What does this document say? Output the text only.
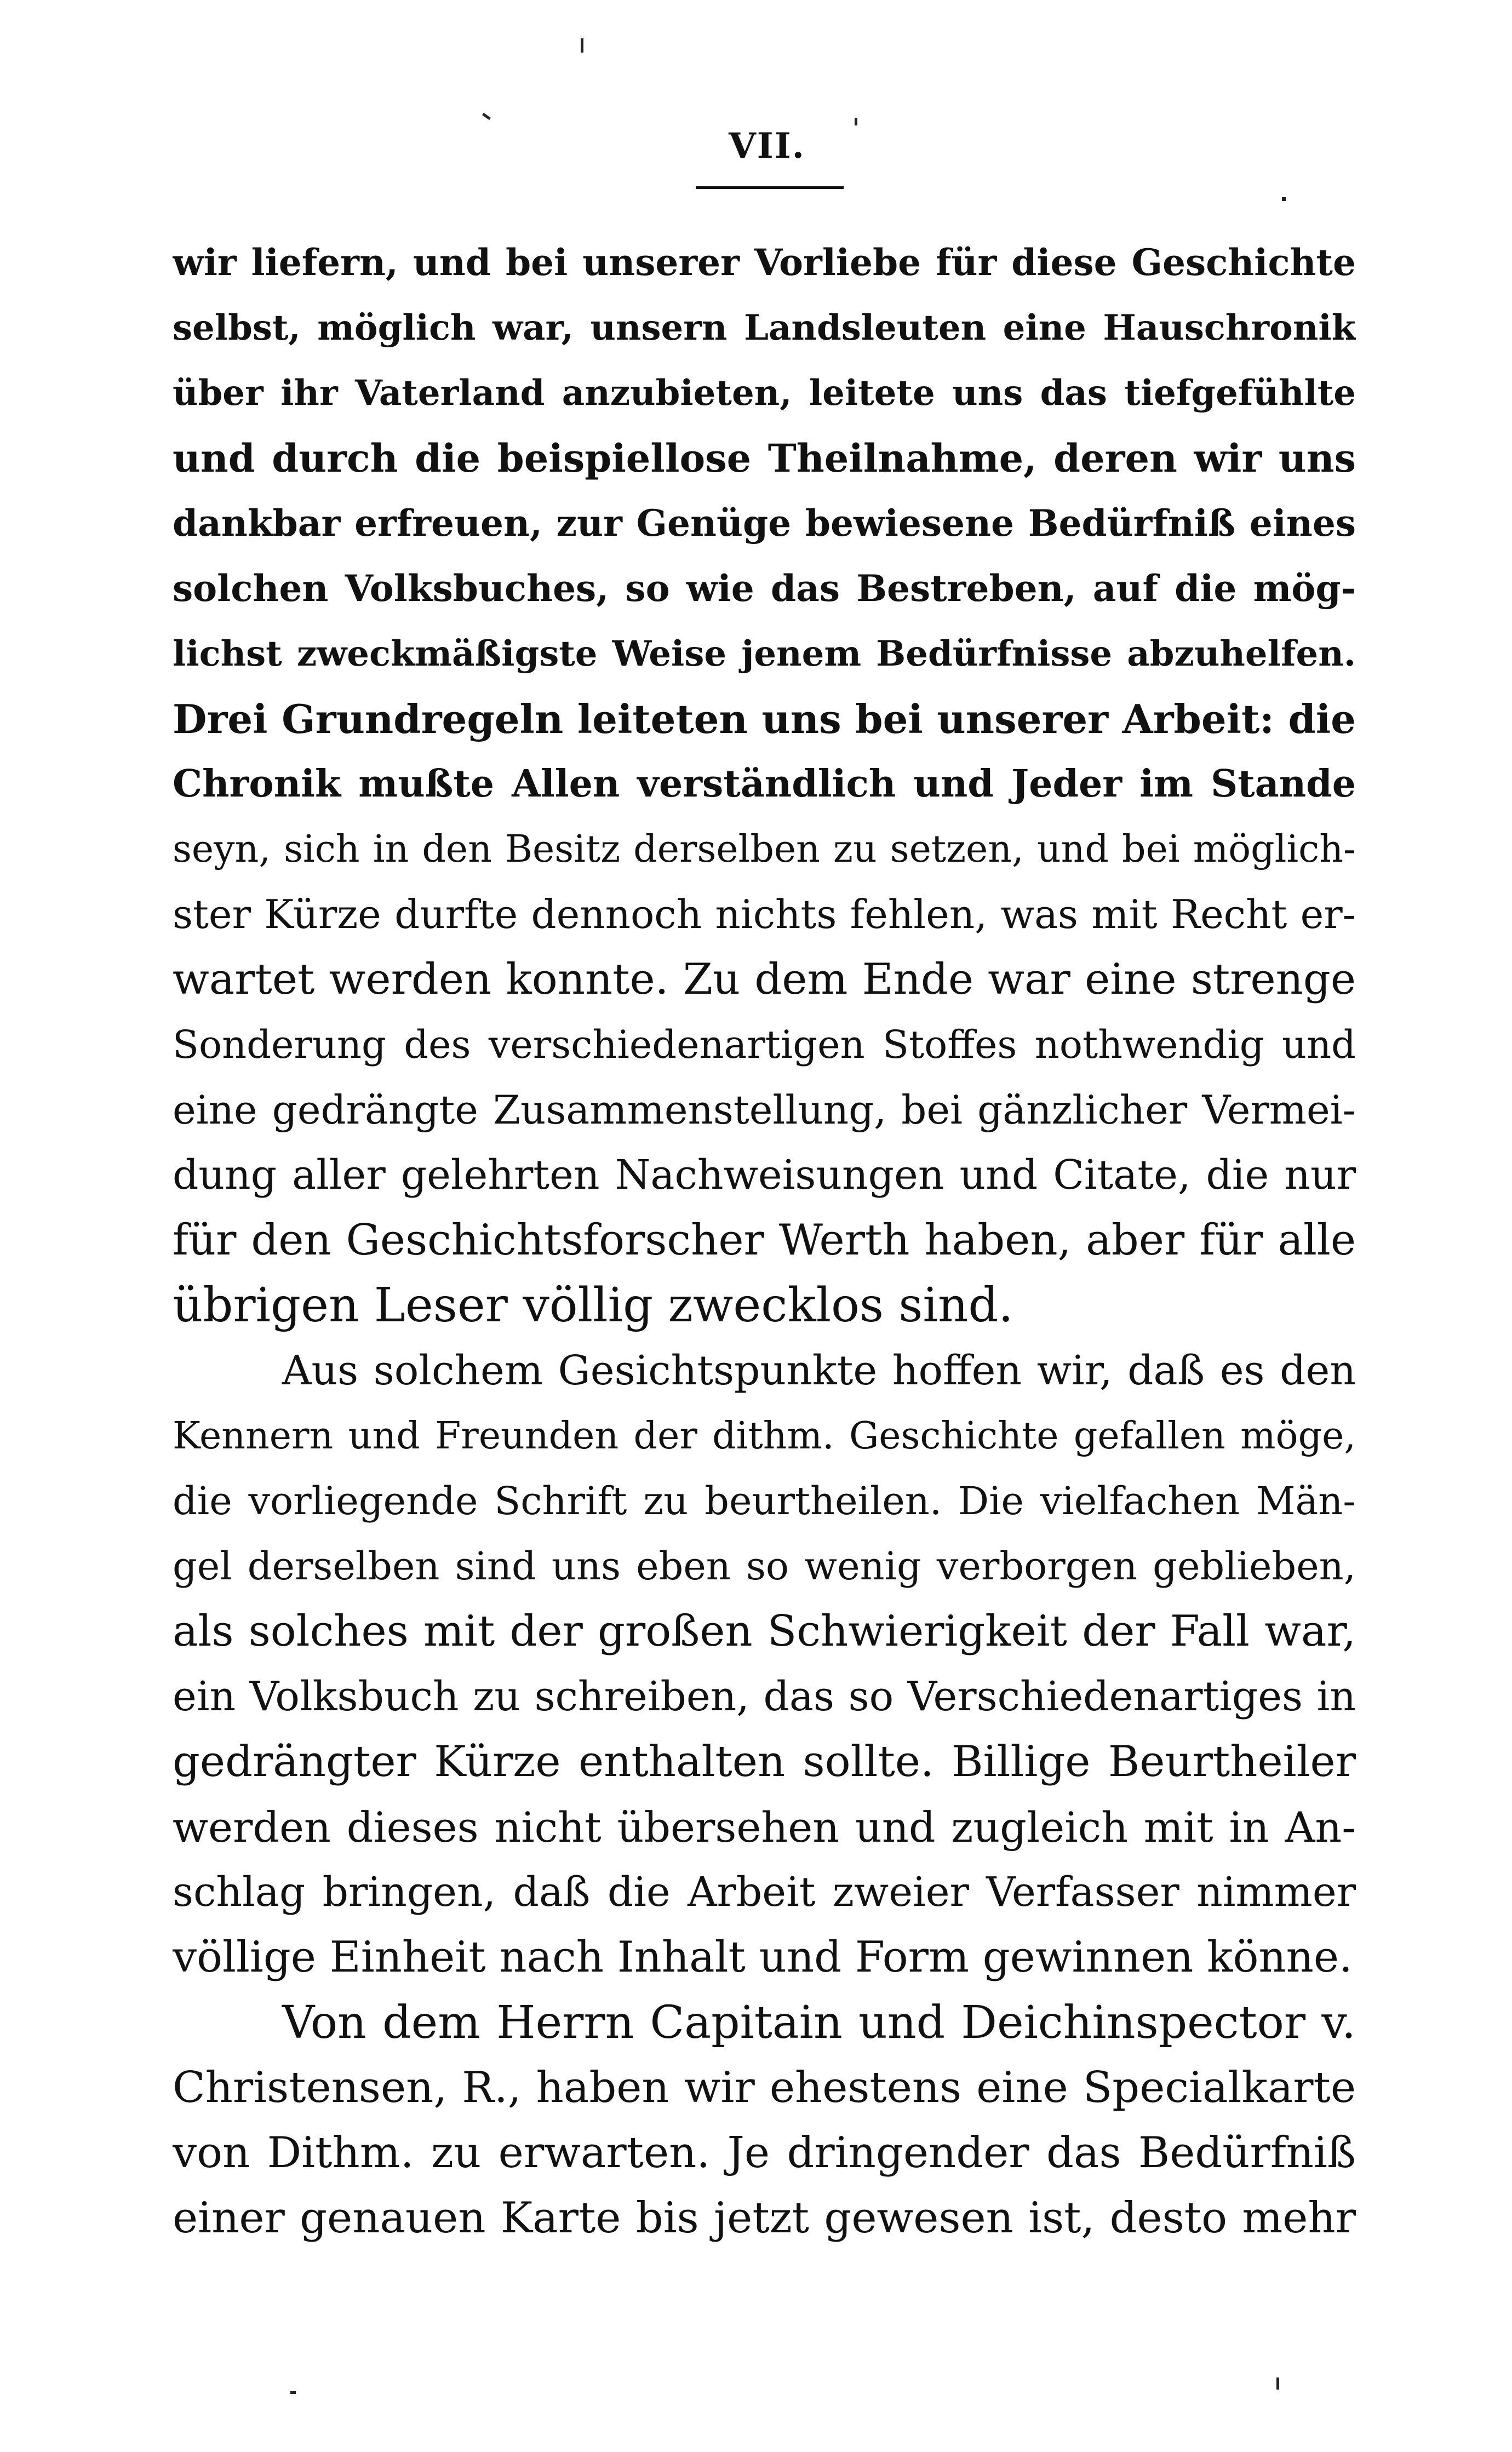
VII.
wir liefern, und bei unserer Vorliebe für diese Geschichte
selbst, möglich war, unsern Landsleuten eine Hauschronik
über ihr Vaterland anzubieten, leitete uns das tiefgefühlte
und durch die beispiellose Theilnahme, deren wir uns
dankbar erfreuen, zur Genüge bewiesene Bedürfniß eines
solchen Volksbuches, so wie das Bestreben, auf die mög-
lichst zweckmäßigste Weise jenem Bedürfnisse abzuhelfen.
Drei Grundregeln leiteten uns bei unserer Arbeit: die
Chronik mußte Allen verständlich und Jeder im Stande
seyn, sich in den Besitz derselben zu setzen, und bei möglich-
ster Kürze durfte dennoch nichts fehlen, was mit Recht er-
wartet werden konnte. Zu dem Ende war eine strenge
Sonderung des verschiedenartigen Stoffes nothwendig und
eine gedrängte Zusammenstellung, bei gänzlicher Vermei-
dung aller gelehrten Nachweisungen und Citate, die nur
für den Geschichtsforscher Werth haben, aber für alle
übrigen Leser völlig zwecklos sind.
Aus solchem Gesichtspunkte hoffen wir, daß es den
Kennern und Freunden der dithm. Geschichte gefallen möge,
die vorliegende Schrift zu beurtheilen. Die vielfachen Män-
gel derselben sind uns eben so wenig verborgen geblieben,
als solches mit der großen Schwierigkeit der Fall war,
ein Volksbuch zu schreiben, das so Verschiedenartiges in
gedrängter Kürze enthalten sollte. Billige Beurtheiler
werden dieses nicht übersehen und zugleich mit in An-
schlag bringen, daß die Arbeit zweier Verfasser nimmer
völlige Einheit nach Inhalt und Form gewinnen könne.
Von dem Herrn Capitain und Deichinspector v.
Christensen, R., haben wir ehestens eine Specialkarte
von Dithm. zu erwarten. Je dringender das Bedürfniß
einer genauen Karte bis jetzt gewesen ist, desto mehr
